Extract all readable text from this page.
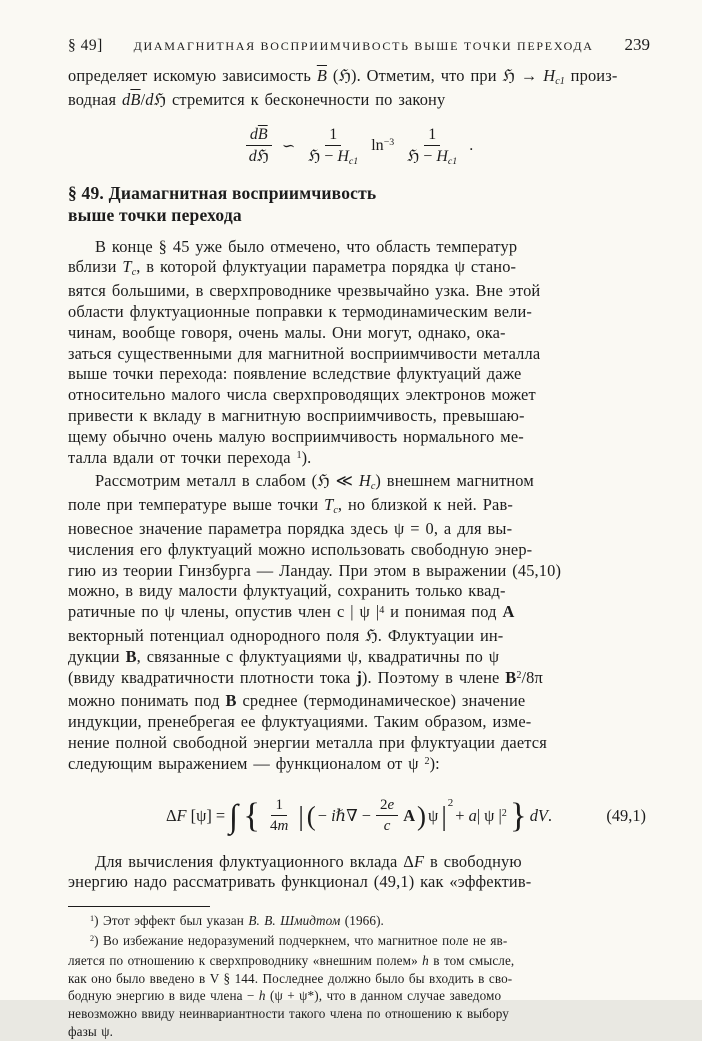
§ 49]	ДИАМАГНИТНАЯ ВОСПРИИМЧИВОСТЬ ВЫШЕ ТОЧКИ ПЕРЕХОДА	239
определяет искомую зависимость $\overline{B}$ (ℌ). Отметим, что при ℌ → Hc1 произ-
водная $d\overline{B}/dℌ$ стремится к бесконечности по закону
$\frac{d\overline{B}}{\text{dℌ}}$ ∽ $\frac{1}{\text{ℌ − Hc1}} \ln^{-3} \frac{1}{\text{ℌ − Hc1}}$ .
§ 49. Диамагнитная восприимчивость
выше точки перехода
В конце § 45 уже было отмечено, что область температур
вблизи Tc, в которой флуктуации параметра порядка ψ стано-
вятся большими, в сверхпроводнике чрезвычайно узка. Вне этой
области флуктуационные поправки к термодинамическим вели-
чинам, вообще говоря, очень малы. Они могут, однако, ока-
заться существенными для магнитной восприимчивости металла
выше точки перехода: появление вследствие флуктуаций даже
относительно малого числа сверхпроводящих электронов может
привести к вкладу в магнитную восприимчивость, превышаю-
щему обычно очень малую восприимчивость нормального ме-
талла вдали от точки перехода $^1$).
Рассмотрим металл в слабом (ℌ ≪ Hc) внешнем магнитном
поле при температуре выше точки Tc, но близкой к ней. Рав-
новесное значение параметра порядка здесь ψ = 0, а для вы-
числения его флуктуаций можно использовать свободную энер-
гию из теории Гинзбурга — Ландау. При этом в выражении (45,10)
можно, в виду малости флуктуаций, сохранить только квад-
ратичные по ψ члены, опустив член с | ψ $|^4$ и понимая под A
векторный потенциал однородного поля ℌ. Флуктуации ин-
дукции B, связанные с флуктуациями ψ, квадратичны по ψ
(ввиду квадратичности плотности тока j). Поэтому в члене $B^2/8\pi$
можно понимать под B среднее (термодинамическое) значение
индукции, пренебрегая ее флуктуациями. Таким образом, изме-
нение полной свободной энергии металла при флуктуации дается
следующим выражением — функционалом от ψ $^2$):
ΔF [ψ] = ∫ { $\frac{1}{4m}$ | ( − iℏ∇ − $\frac{2e}{c}$ A ) ψ | 2
+ a| ψ $|^2$ } dV.	(49,1)
Для вычисления флуктуационного вклада ΔF в свободную
энергию надо рассматривать функционал (49,1) как «эффектив-
$^1$) Этот эффект был указан В. В. Шмидтом (1966).
$^2$) Во избежание недоразумений подчеркнем, что магнитное поле не яв-
ляется по отношению к сверхпроводнику «внешним полем» h в том смысле,
как оно было введено в V § 144. Последнее должно было бы входить в сво-
бодную энергию в виде члена − h (ψ + ψ*), что в данном случае заведомо
невозможно ввиду неинвариантности такого члена по отношению к выбору
фазы ψ.
